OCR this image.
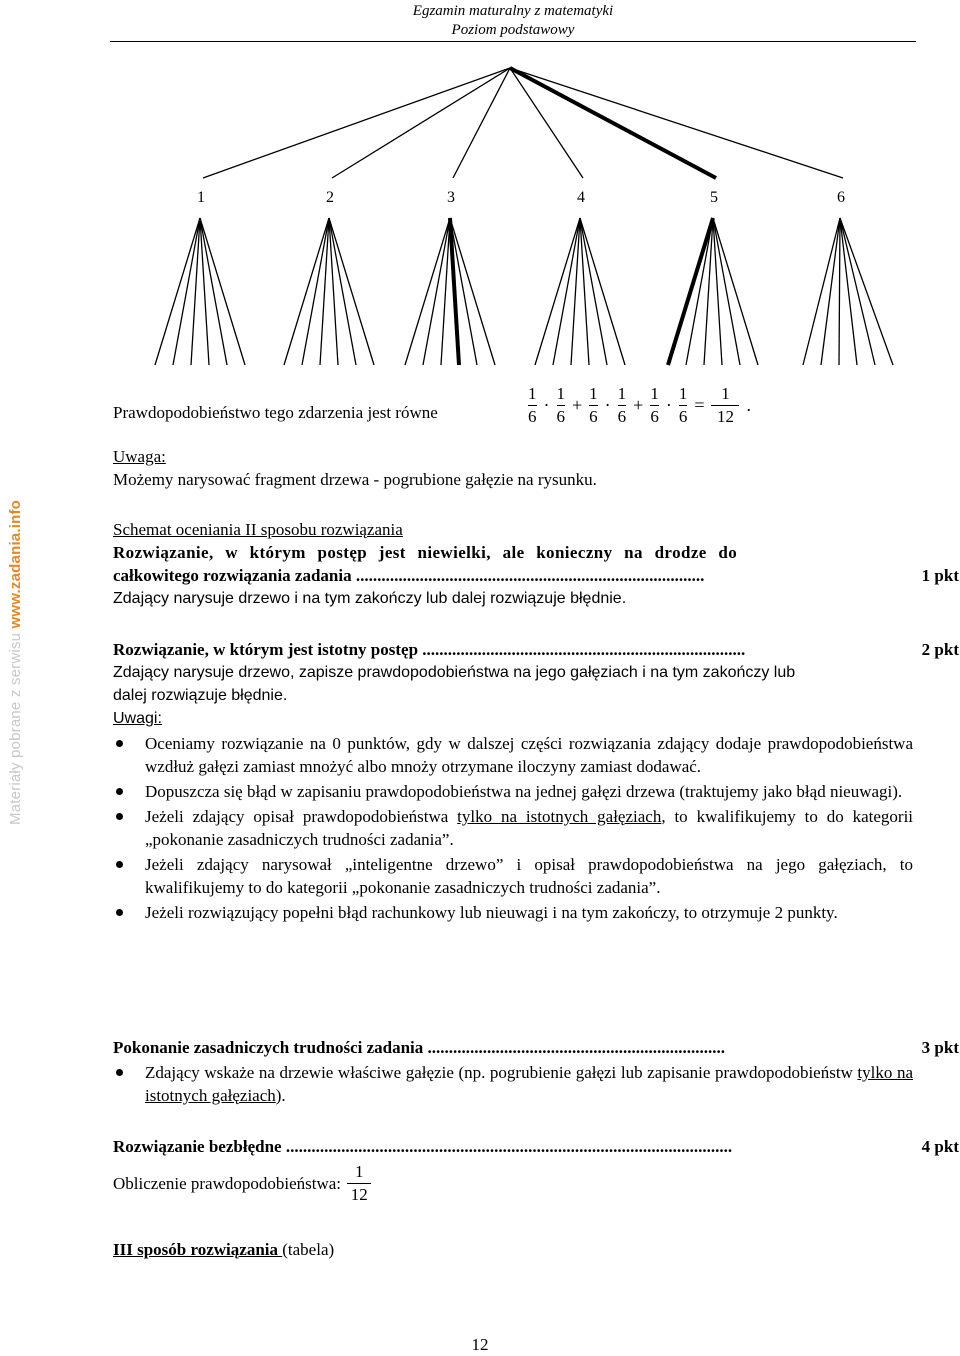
Egzamin maturalny z matematyki
Poziom podstawowy
Materiały pobrane z serwisu www.zadania.info
1	2	3	4	5	6
Prawdopodobieństwo tego zdarzenia jest równe	$\frac{1}{6} \cdot \frac{1}{6} + \frac{1}{6} \cdot \frac{1}{6} + \frac{1}{6} \cdot \frac{1}{6} = \frac{1}{12}$ .
Uwaga:
Możemy narysować fragment drzewa - pogrubione gałęzie na rysunku.
Schemat oceniania II sposobu rozwiązania
Rozwiązanie, w którym postęp jest niewielki, ale konieczny na drodze do
całkowitego rozwiązania zadania ..................................................................................	1 pkt
Zdający narysuje drzewo i na tym zakończy lub dalej rozwiązuje błędnie.
Rozwiązanie, w którym jest istotny postęp ............................................................................	2 pkt
Zdający narysuje drzewo, zapisze prawdopodobieństwa na jego gałęziach i na tym zakończy lub dalej rozwiązuje błędnie.
Uwagi:
Oceniamy rozwiązanie na 0 punktów, gdy w dalszej części rozwiązania zdający dodaje prawdopodobieństwa wzdłuż gałęzi zamiast mnożyć albo mnoży otrzymane iloczyny zamiast dodawać.
Dopuszcza się błąd w zapisaniu prawdopodobieństwa na jednej gałęzi drzewa (traktujemy jako błąd nieuwagi).
Jeżeli zdający opisał prawdopodobieństwa tylko na istotnych gałęziach, to kwalifikujemy to do kategorii „pokonanie zasadniczych trudności zadania”.
Jeżeli zdający narysował „inteligentne drzewo” i opisał prawdopodobieństwa na jego gałęziach, to kwalifikujemy to do kategorii „pokonanie zasadniczych trudności zadania”.
Jeżeli rozwiązujący popełni błąd rachunkowy lub nieuwagi i na tym zakończy, to otrzymuje 2 punkty.
Pokonanie zasadniczych trudności zadania ......................................................................	3 pkt
Zdający wskaże na drzewie właściwe gałęzie (np. pogrubienie gałęzi lub zapisanie prawdopodobieństw tylko na istotnych gałęziach).
Rozwiązanie bezbłędne .........................................................................................................	4 pkt
Obliczenie prawdopodobieństwa: $\frac{1}{12}$
III sposób rozwiązania (tabela)
12
